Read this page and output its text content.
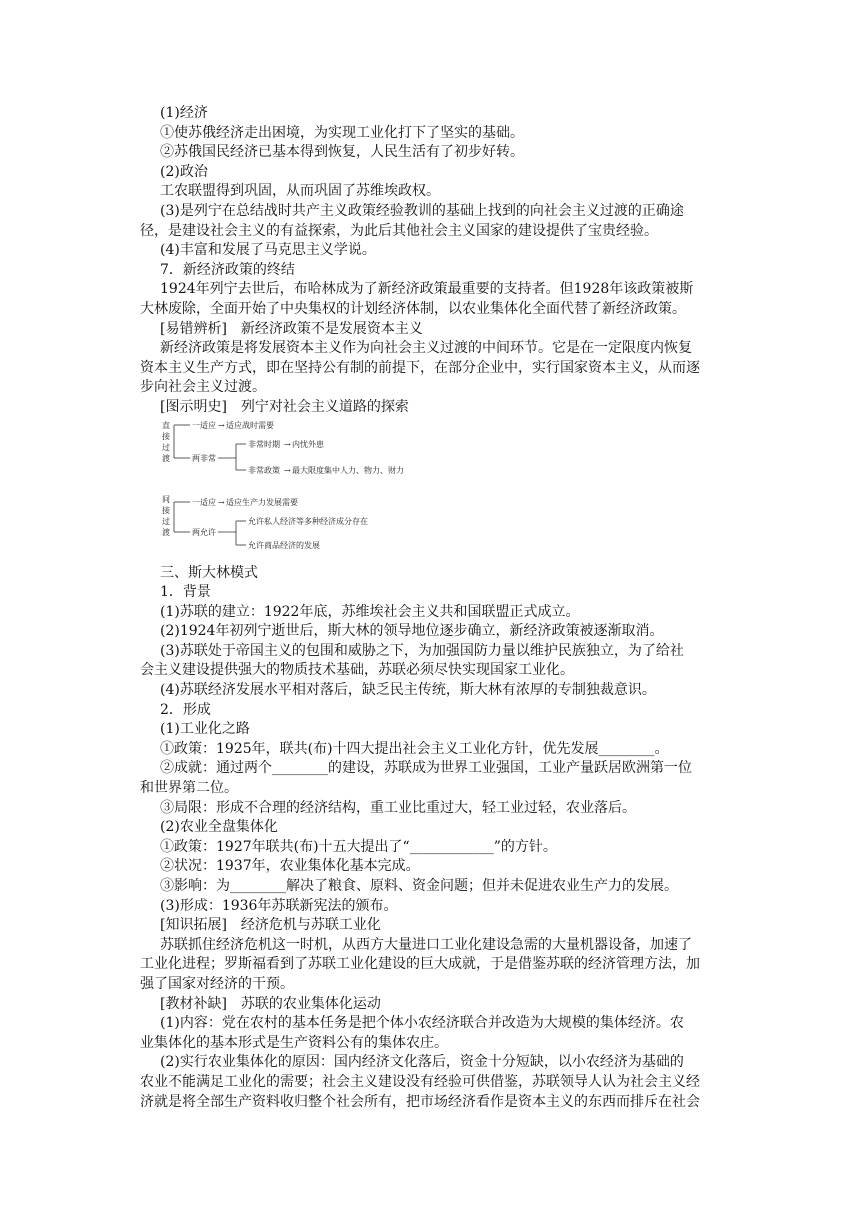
(1)经济
①使苏俄经济走出困境，为实现工业化打下了坚实的基础。
②苏俄国民经济已基本得到恢复，人民生活有了初步好转。
(2)政治
工农联盟得到巩固，从而巩固了苏维埃政权。
(3)是列宁在总结战时共产主义政策经验教训的基础上找到的向社会主义过渡的正确途
径，是建设社会主义的有益探索，为此后其他社会主义国家的建设提供了宝贵经验。
(4)丰富和发展了马克思主义学说。
7．新经济政策的终结
1924年列宁去世后，布哈林成为了新经济政策最重要的支持者。但1928年该政策被斯
大林废除，全面开始了中央集权的计划经济体制，以农业集体化全面代替了新经济政策。
[易错辨析]　新经济政策不是发展资本主义
新经济政策是将发展资本主义作为向社会主义过渡的中间环节。它是在一定限度内恢复
资本主义生产方式，即在坚持公有制的前提下，在部分企业中，实行国家资本主义，从而逐
步向社会主义过渡。
[图示明史]　列宁对社会主义道路的探索
直
接
过
渡
一适应 → 适应战时需要
两非常
非常时期 → 内忧外患
非常政策 → 最大限度集中人力、物力、财力
间
接
过
渡
一适应 → 适应生产力发展需要
两允许
允许私人经济等多种经济成分存在
允许商品经济的发展
三、斯大林模式
1．背景
(1)苏联的建立：1922年底，苏维埃社会主义共和国联盟正式成立。
(2)1924年初列宁逝世后，斯大林的领导地位逐步确立，新经济政策被逐渐取消。
(3)苏联处于帝国主义的包围和威胁之下，为加强国防力量以维护民族独立，为了给社
会主义建设提供强大的物质技术基础，苏联必须尽快实现国家工业化。
(4)苏联经济发展水平相对落后，缺乏民主传统，斯大林有浓厚的专制独裁意识。
2．形成
(1)工业化之路
①政策：1925年，联共(布)十四大提出社会主义工业化方针，优先发展________。
②成就：通过两个________的建设，苏联成为世界工业强国，工业产量跃居欧洲第一位
和世界第二位。
③局限：形成不合理的经济结构，重工业比重过大，轻工业过轻，农业落后。
(2)农业全盘集体化
①政策：1927年联共(布)十五大提出了“____________”的方针。
②状况：1937年，农业集体化基本完成。
③影响：为________解决了粮食、原料、资金问题；但并未促进农业生产力的发展。
(3)形成：1936年苏联新宪法的颁布。
[知识拓展]　经济危机与苏联工业化
苏联抓住经济危机这一时机，从西方大量进口工业化建设急需的大量机器设备，加速了
工业化进程；罗斯福看到了苏联工业化建设的巨大成就，于是借鉴苏联的经济管理方法，加
强了国家对经济的干预。
[教材补缺]　苏联的农业集体化运动
(1)内容：党在农村的基本任务是把个体小农经济联合并改造为大规模的集体经济。农
业集体化的基本形式是生产资料公有的集体农庄。
(2)实行农业集体化的原因：国内经济文化落后，资金十分短缺，以小农经济为基础的
农业不能满足工业化的需要；社会主义建设没有经验可供借鉴，苏联领导人认为社会主义经
济就是将全部生产资料收归整个社会所有，把市场经济看作是资本主义的东西而排斥在社会
